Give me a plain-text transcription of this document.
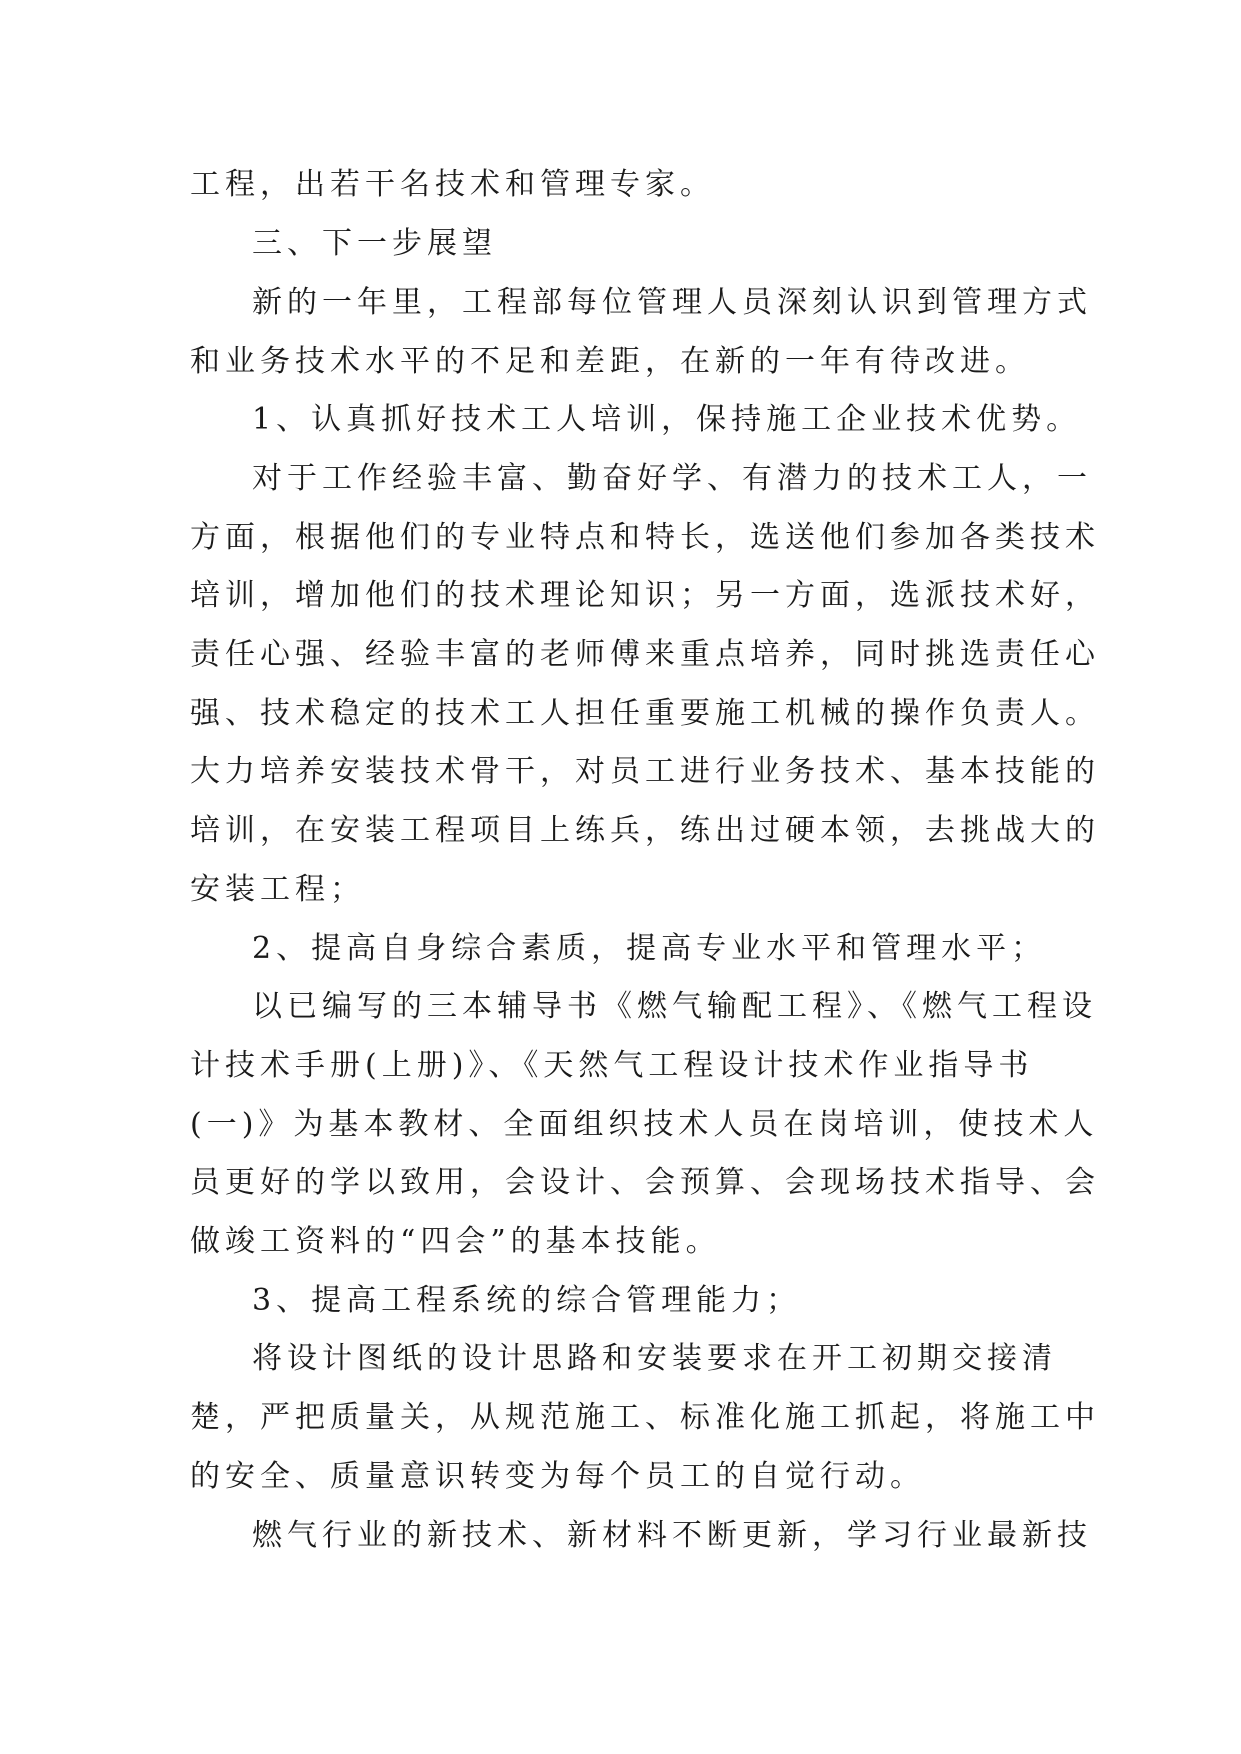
工程，出若干名技术和管理专家。
三、下一步展望
新的一年里，工程部每位管理人员深刻认识到管理方式
和业务技术水平的不足和差距，在新的一年有待改进。
1、认真抓好技术工人培训，保持施工企业技术优势。
对于工作经验丰富、勤奋好学、有潜力的技术工人，一
方面，根据他们的专业特点和特长，选送他们参加各类技术
培训，增加他们的技术理论知识；另一方面，选派技术好，
责任心强、经验丰富的老师傅来重点培养，同时挑选责任心
强、技术稳定的技术工人担任重要施工机械的操作负责人。
大力培养安装技术骨干，对员工进行业务技术、基本技能的
培训，在安装工程项目上练兵，练出过硬本领，去挑战大的
安装工程；
2、提高自身综合素质，提高专业水平和管理水平；
以已编写的三本辅导书《燃气输配工程》、《燃气工程设
计技术手册(上册)》、《天然气工程设计技术作业指导书
(一)》为基本教材、全面组织技术人员在岗培训，使技术人
员更好的学以致用，会设计、会预算、会现场技术指导、会
做竣工资料的“四会”的基本技能。
3、提高工程系统的综合管理能力；
将设计图纸的设计思路和安装要求在开工初期交接清
楚，严把质量关，从规范施工、标准化施工抓起，将施工中
的安全、质量意识转变为每个员工的自觉行动。
燃气行业的新技术、新材料不断更新，学习行业最新技
